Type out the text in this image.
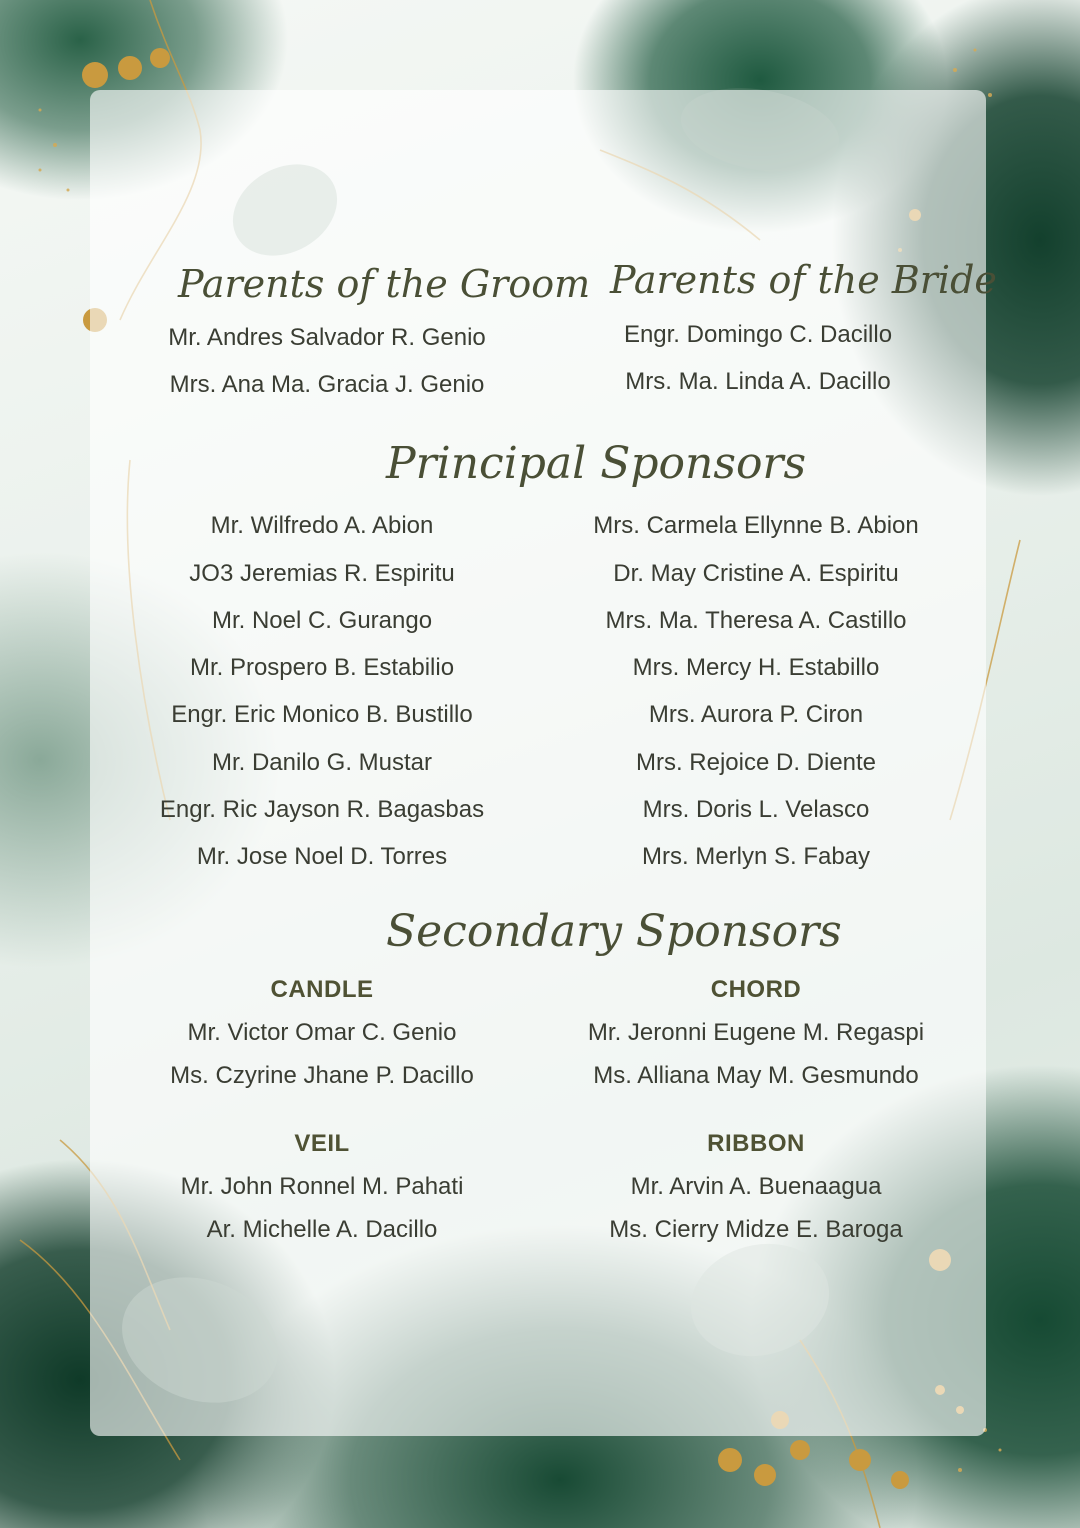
Parents of the Groom

Mr. Andres Salvador R. Genio

Mrs. Ana Ma. Gracia J. Genio

Parents of the Bride

Engr. Domingo C. Dacillo

Mrs. Ma. Linda A. Dacillo

Principal Sponsors

Mr. Wilfredo A. Abion

JO3 Jeremias R. Espiritu

Mr. Noel C. Gurango

Mr. Prospero B. Estabilio

Engr. Eric Monico B. Bustillo

Mr. Danilo G. Mustar

Engr. Ric Jayson R. Bagasbas

Mr. Jose Noel D. Torres

Mrs. Carmela Ellynne B. Abion

Dr. May Cristine A. Espiritu

Mrs. Ma. Theresa A. Castillo

Mrs. Mercy H. Estabillo

Mrs. Aurora P. Ciron

Mrs. Rejoice D. Diente

Mrs. Doris L. Velasco

Mrs. Merlyn S. Fabay

Secondary Sponsors

CANDLE

Mr. Victor Omar C. Genio

Ms. Czyrine Jhane P. Dacillo

CHORD

Mr. Jeronni Eugene M. Regaspi

Ms. Alliana May M. Gesmundo

VEIL

Mr. John Ronnel M. Pahati

Ar. Michelle A. Dacillo

RIBBON

Mr. Arvin A. Buenaagua

Ms. Cierry Midze E. Baroga
